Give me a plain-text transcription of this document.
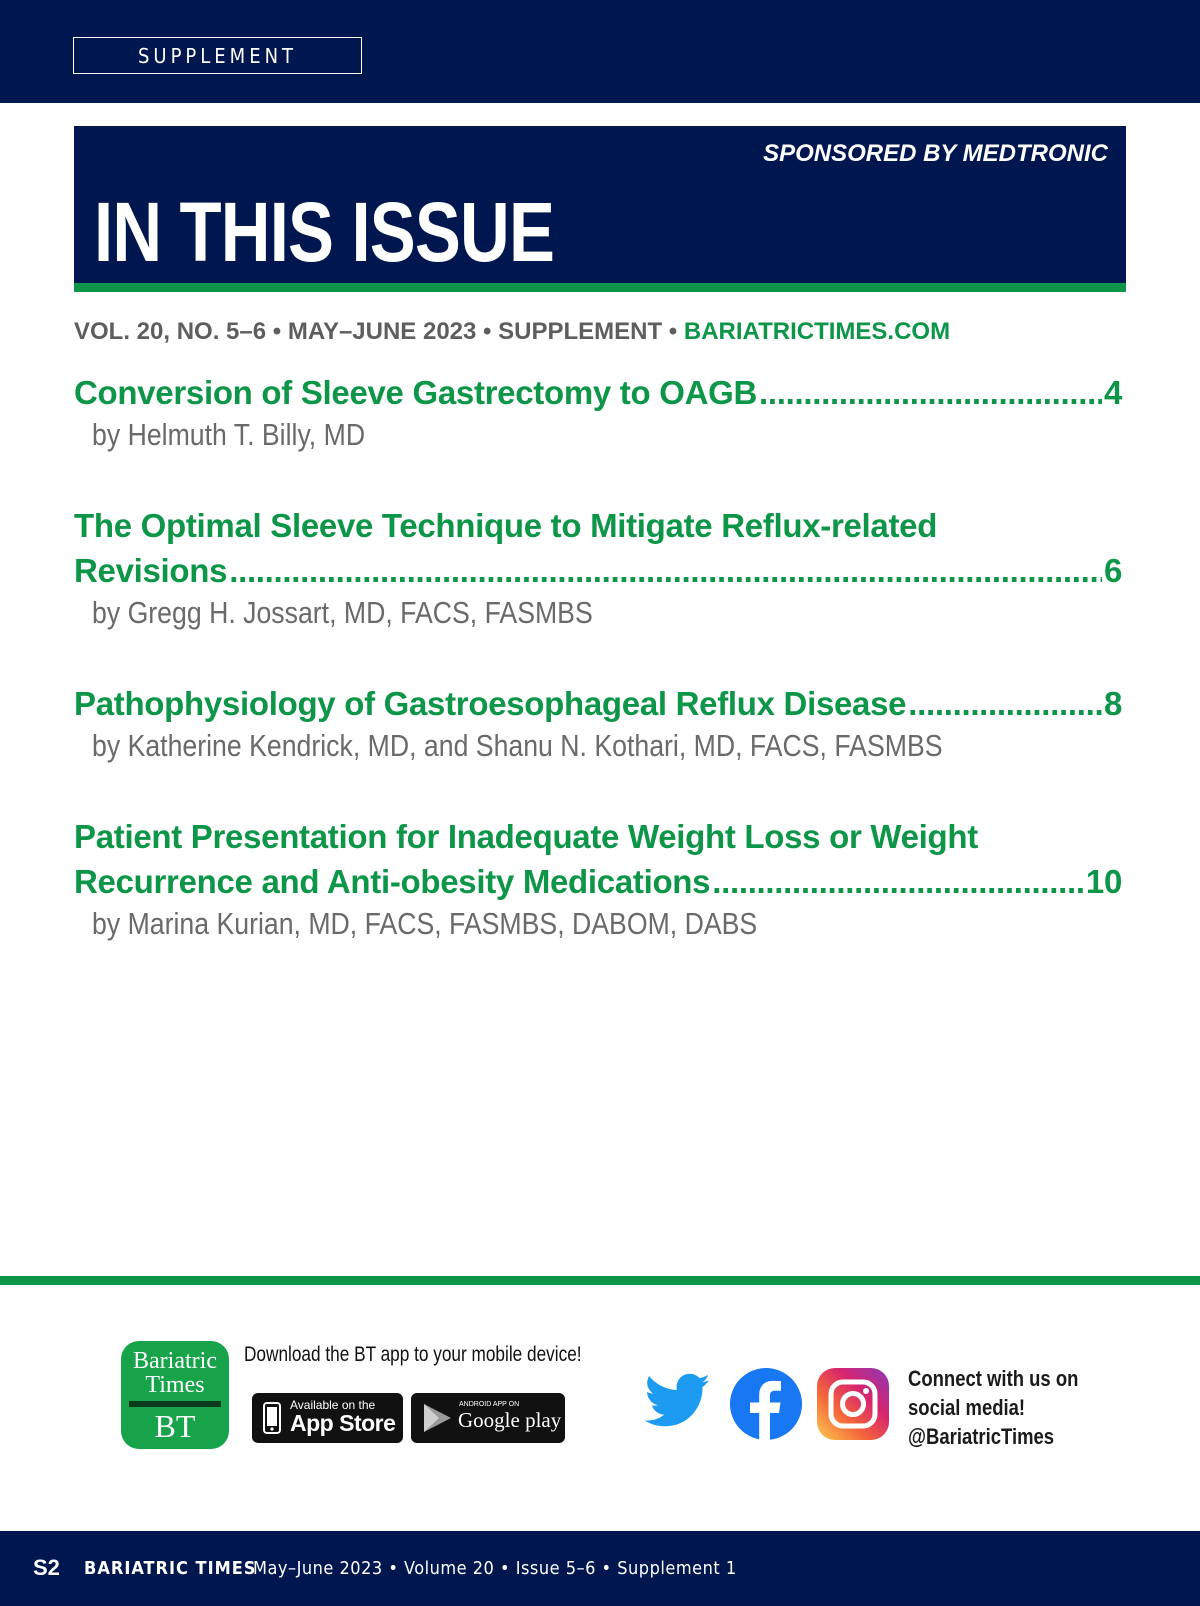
SUPPLEMENT
SPONSORED BY MEDTRONIC
IN THIS ISSUE
VOL. 20, NO. 5–6 • MAY–JUNE 2023 • SUPPLEMENT • BARIATRICTIMES.COM
Conversion of Sleeve Gastrectomy to OAGB .....	4
by Helmuth T. Billy, MD
The Optimal Sleeve Technique to Mitigate Reflux-related
Revisions .....	6
by Gregg H. Jossart, MD, FACS, FASMBS
Pathophysiology of Gastroesophageal Reflux Disease .....	8
by Katherine Kendrick, MD, and Shanu N. Kothari, MD, FACS, FASMBS
Patient Presentation for Inadequate Weight Loss or Weight
Recurrence and Anti-obesity Medications .....	10
by Marina Kurian, MD, FACS, FASMBS, DABOM, DABS
Bariatric
Times
BT
Download the BT app to your mobile device!
Available on the
App Store
ANDROID APP ON
Google play
Connect with us on
social media!
@BariatricTimes
S2 BARIATRIC TIMES
May–June 2023 • Volume 20 • Issue 5–6 • Supplement 1
